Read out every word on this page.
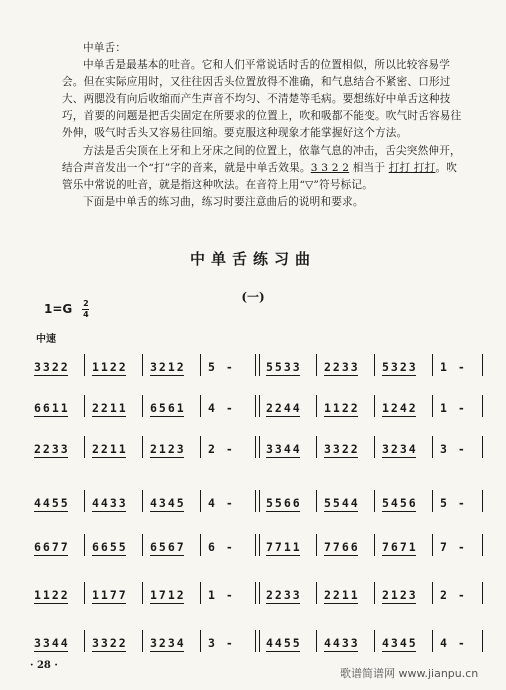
中单舌：

中单舌是最基本的吐音。它和人们平常说话时舌的位置相似，所以比较容易学会。但在实际应用时，又往往因舌头位置放得不准确，和气息结合不紧密、口形过大、两腮没有向后收缩而产生声音不均匀、不清楚等毛病。要想练好中单舌这种技巧，首要的问题是把舌尖固定在所要求的位置上，吹和吸都不能变。吹气时舌容易往外伸，吸气时舌头又容易往回缩。要克服这种现象才能掌握好这个方法。

方法是舌尖顶在上牙和上牙床之间的位置上，依靠气息的冲击，舌尖突然伸开，结合声音发出一个“打”字的音来，就是中单舌效果。3 3 2 2 相当于 打打 打打。吹管乐中常说的吐音，就是指这种吹法。在音符上用“▽”符号标记。

下面是中单舌的练习曲，练习时要注意曲后的说明和要求。

中单舌练习曲
(一)
$1=G \frac{2}{4}$
中速
3322 1122 3212 5 -	5533 2233 5323 1 -
6611 2211 6561 4 -	2244 1122 1242 1 -
2233 2211 2123 2 -	3344 3322 3234 3 -
4455 4433 4345 4 -	5566 5544 5456 5 -
6677 6655 6567 6 -	7711 7766 7671 7 -
1122 1177 1712 1 -	2233 2211 2123 2 -
3344 3322 3234 3 -	4455 4433 4345 4 -
· 28 ·
歌谱简谱网 www.jianpu.cn
